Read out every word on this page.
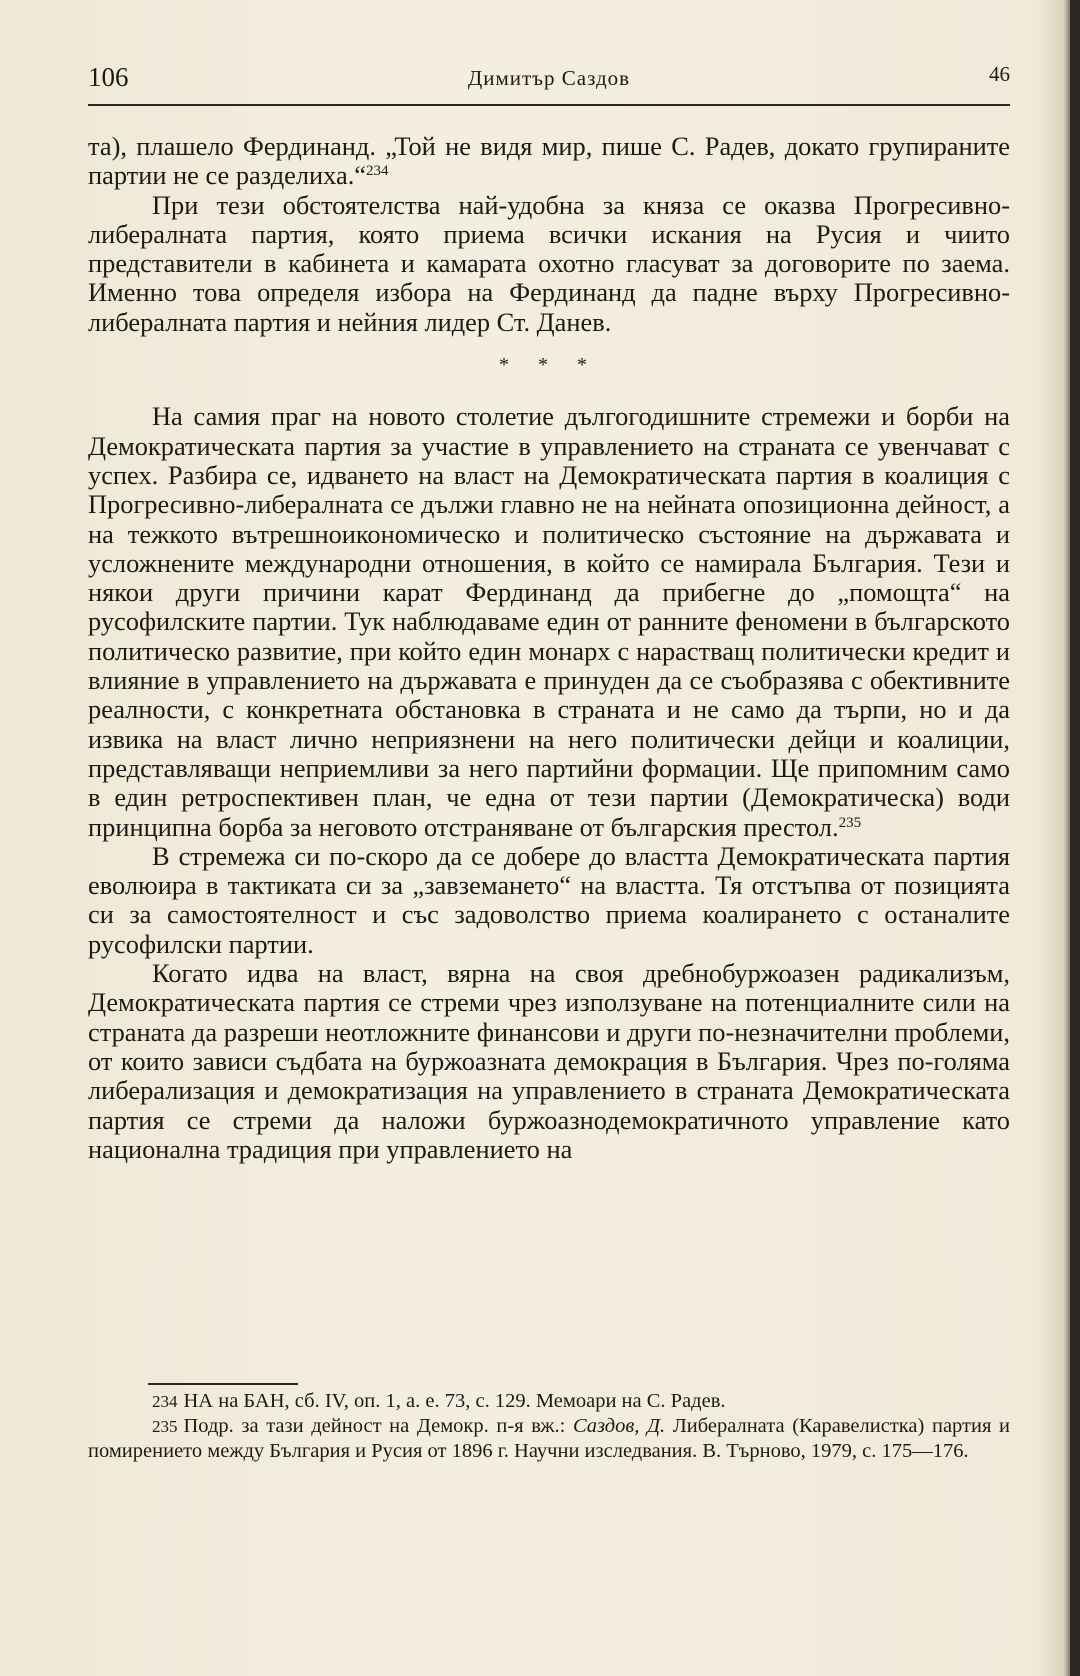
106	Димитър Саздов	46

та), плашело Фердинанд. „Той не видя мир, пише С. Радев, докато групираните партии не се разделиха.“$^{234}$

При тези обстоятелства най-удобна за княза се оказва Прогресивно-либералната партия, която приема всички искания на Русия и чиито представители в кабинета и камарата охотно гласуват за договорите по заема. Именно това определя избора на Фердинанд да падне върху Прогресивно-либералната партия и нейния лидер Ст. Данев.

* * *

На самия праг на новото столетие дългогодишните стремежи и борби на Демократическата партия за участие в управлението на страната се увенчават с успех. Разбира се, идването на власт на Демократическата партия в коалиция с Прогресивно-либералната се дължи главно не на нейната опозиционна дейност, а на тежкото вътрешноикономическо и политическо състояние на държавата и усложнените международни отношения, в който се намирала България. Тези и някои други причини карат Фердинанд да прибегне до „помощта“ на русофилските партии. Тук наблюдаваме един от ранните феномени в българското политическо развитие, при който един монарх с нарастващ политически кредит и влияние в управлението на държавата е принуден да се съобразява с обективните реалности, с конкретната обстановка в страната и не само да търпи, но и да извика на власт лично неприязнени на него политически дейци и коалиции, представляващи неприемливи за него партийни формации. Ще припомним само в един ретроспективен план, че една от тези партии (Демократическа) води принципна борба за неговото отстраняване от българския престол.$^{235}$

В стремежа си по-скоро да се добере до властта Демократическата партия еволюира в тактиката си за „завземането“ на властта. Тя отстъпва от позицията си за самостоятелност и със задоволство приема коалирането с останалите русофилски партии.

Когато идва на власт, вярна на своя дребнобуржоазен радикализъм, Демократическата партия се стреми чрез използуване на потенциалните сили на страната да разреши неотложните финансови и други по-незначителни проблеми, от които зависи съдбата на буржоазната демокрация в България. Чрез по-голяма либерализация и демократизация на управлението в страната Демократическата партия се стреми да наложи буржоазнодемократичното управление като национална традиция при управлението на

234 НА на БАН, сб. IV, оп. 1, а. е. 73, с. 129. Мемоари на С. Радев.

235 Подр. за тази дейност на Демокр. п-я вж.: Саздов, Д. Либералната (Каравелистка) партия и помирението между България и Русия от 1896 г. Научни изследвания. В. Търново, 1979, с. 175—176.
